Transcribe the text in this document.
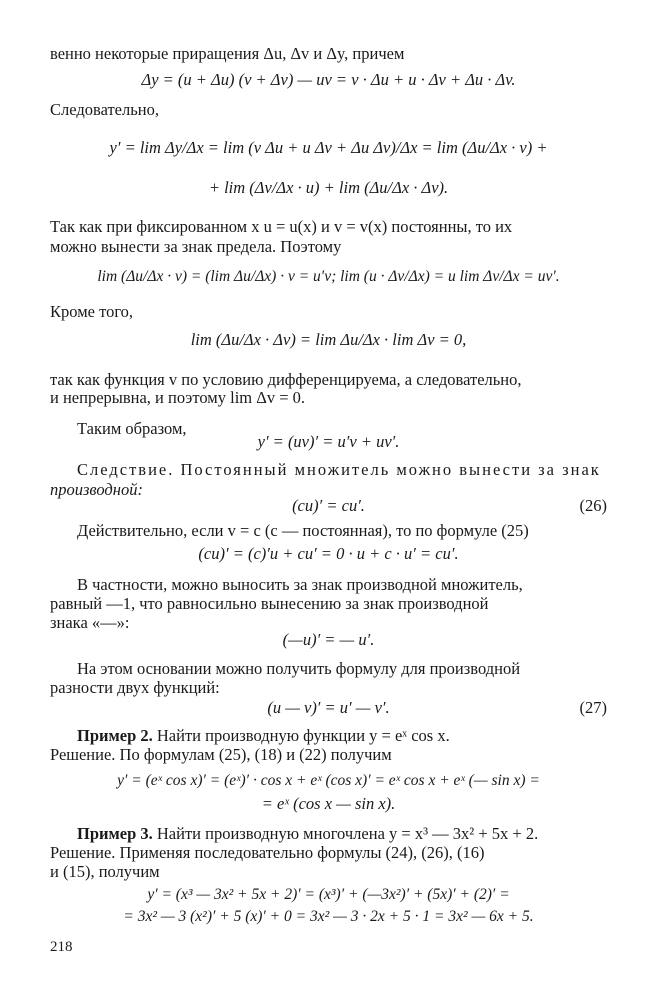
венно некоторые приращения Δu, Δv и Δy, причем
Δy = (u + Δu) (v + Δv) — uv = v · Δu + u · Δv + Δu · Δv.
Следовательно,
y′ = lim Δy/Δx = lim (v Δu + u Δv + Δu Δv)/Δx = lim (Δu/Δx · v) +
+ lim (Δv/Δx · u) + lim (Δu/Δx · Δv).
Так как при фиксированном x u = u(x) и v = v(x) постоянны, то их
можно вынести за знак предела. Поэтому
lim (Δu/Δx · v) = (lim Δu/Δx) · v = u′v; lim (u · Δv/Δx) = u lim Δv/Δx = uv′.
Кроме того,
lim (Δu/Δx · Δv) = lim Δu/Δx · lim Δv = 0,
так как функция v по условию дифференцируема, а следовательно,
и непрерывна, и поэтому lim Δv = 0.
Таким образом,
y′ = (uv)′ = u′v + uv′.
Следствие. Постоянный множитель можно вынести за знак
производной:
(cu)′ = cu′.	(26)
Действительно, если v = c (c — постоянная), то по формуле (25)
(cu)′ = (c)′u + cu′ = 0 · u + c · u′ = cu′.
В частности, можно выносить за знак производной множитель,
равный —1, что равносильно вынесению за знак производной
знака «—»:
(—u)′ = — u′.
На этом основании можно получить формулу для производной
разности двух функций:
(u — v)′ = u′ — v′.	(27)
Пример 2. Найти производную функции y = eˣ cos x.
Решение. По формулам (25), (18) и (22) получим
y′ = (eˣ cos x)′ = (eˣ)′ · cos x + eˣ (cos x)′ = eˣ cos x + eˣ (— sin x) =
= eˣ (cos x — sin x).
Пример 3. Найти производную многочлена y = x³ — 3x² + 5x + 2.
Решение. Применяя последовательно формулы (24), (26), (16)
и (15), получим
y′ = (x³ — 3x² + 5x + 2)′ = (x³)′ + (—3x²)′ + (5x)′ + (2)′ =
= 3x² — 3 (x²)′ + 5 (x)′ + 0 = 3x² — 3 · 2x + 5 · 1 = 3x² — 6x + 5.
218
